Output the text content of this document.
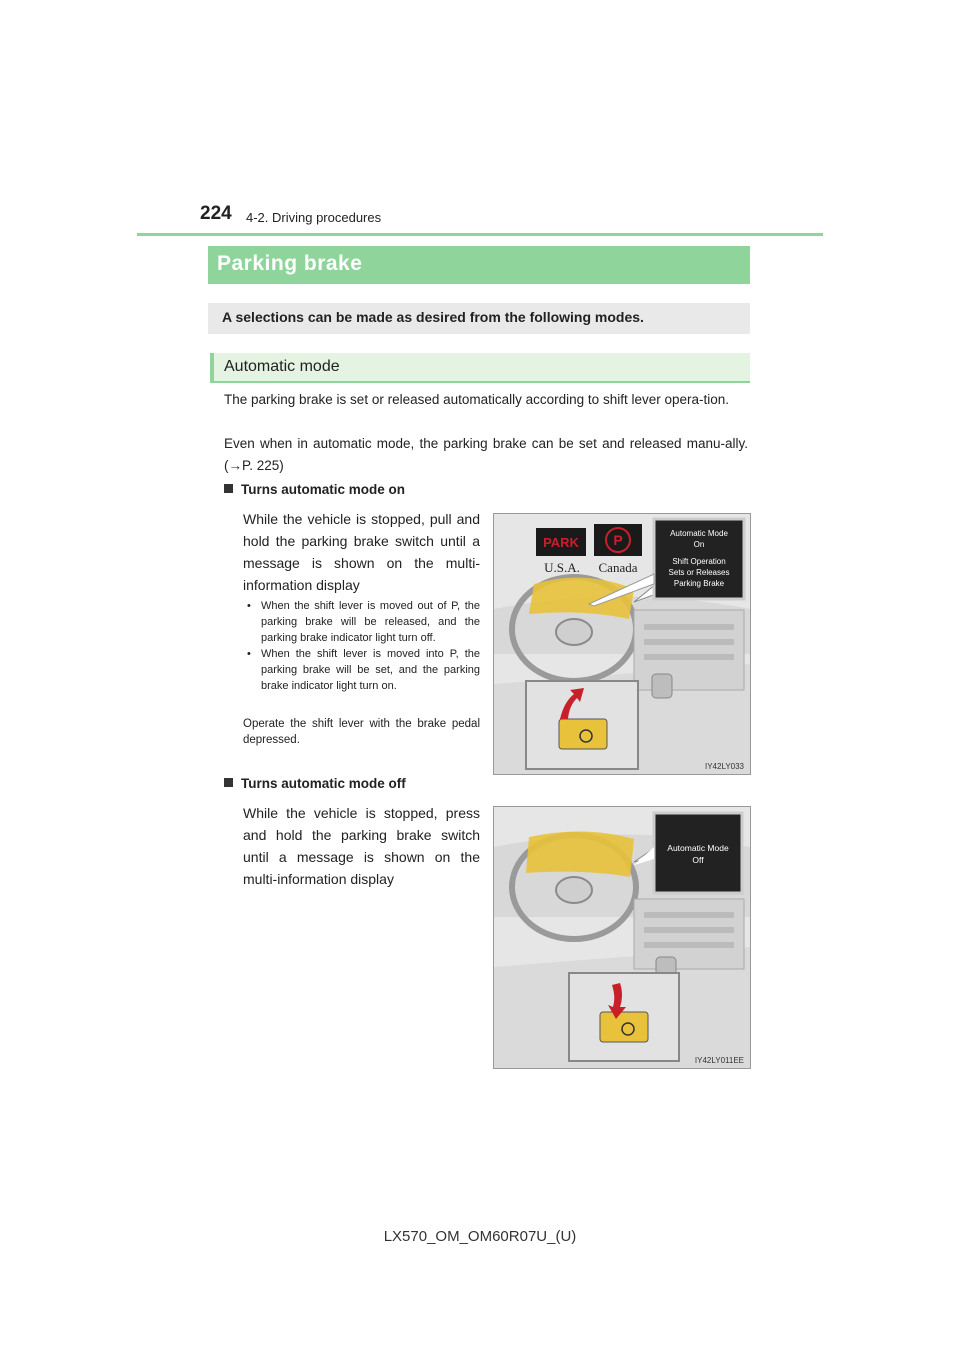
224 4-2. Driving procedures
Parking brake
A selections can be made as desired from the following modes.
Automatic mode
The parking brake is set or released automatically according to shift lever opera-tion.
Even when in automatic mode, the parking brake can be set and released manu-ally. (→P. 225)
Turns automatic mode on
While the vehicle is stopped, pull and hold the parking brake switch until a message is shown on the multi-information display
• When the shift lever is moved out of P, the parking brake will be released, and the parking brake indicator light turn off.
• When the shift lever is moved into P, the parking brake will be set, and the parking brake indicator light turn on.
Operate the shift lever with the brake pedal depressed.
PARK P
U.S.A. Canada
Automatic Mode
On
Shift Operation
Sets or Releases
Parking Brake
IY42LY033
Turns automatic mode off
While the vehicle is stopped, press and hold the parking brake switch until a message is shown on the multi-information display
Automatic Mode
Off
IY42LY011EE
LX570_OM_OM60R07U_(U)
